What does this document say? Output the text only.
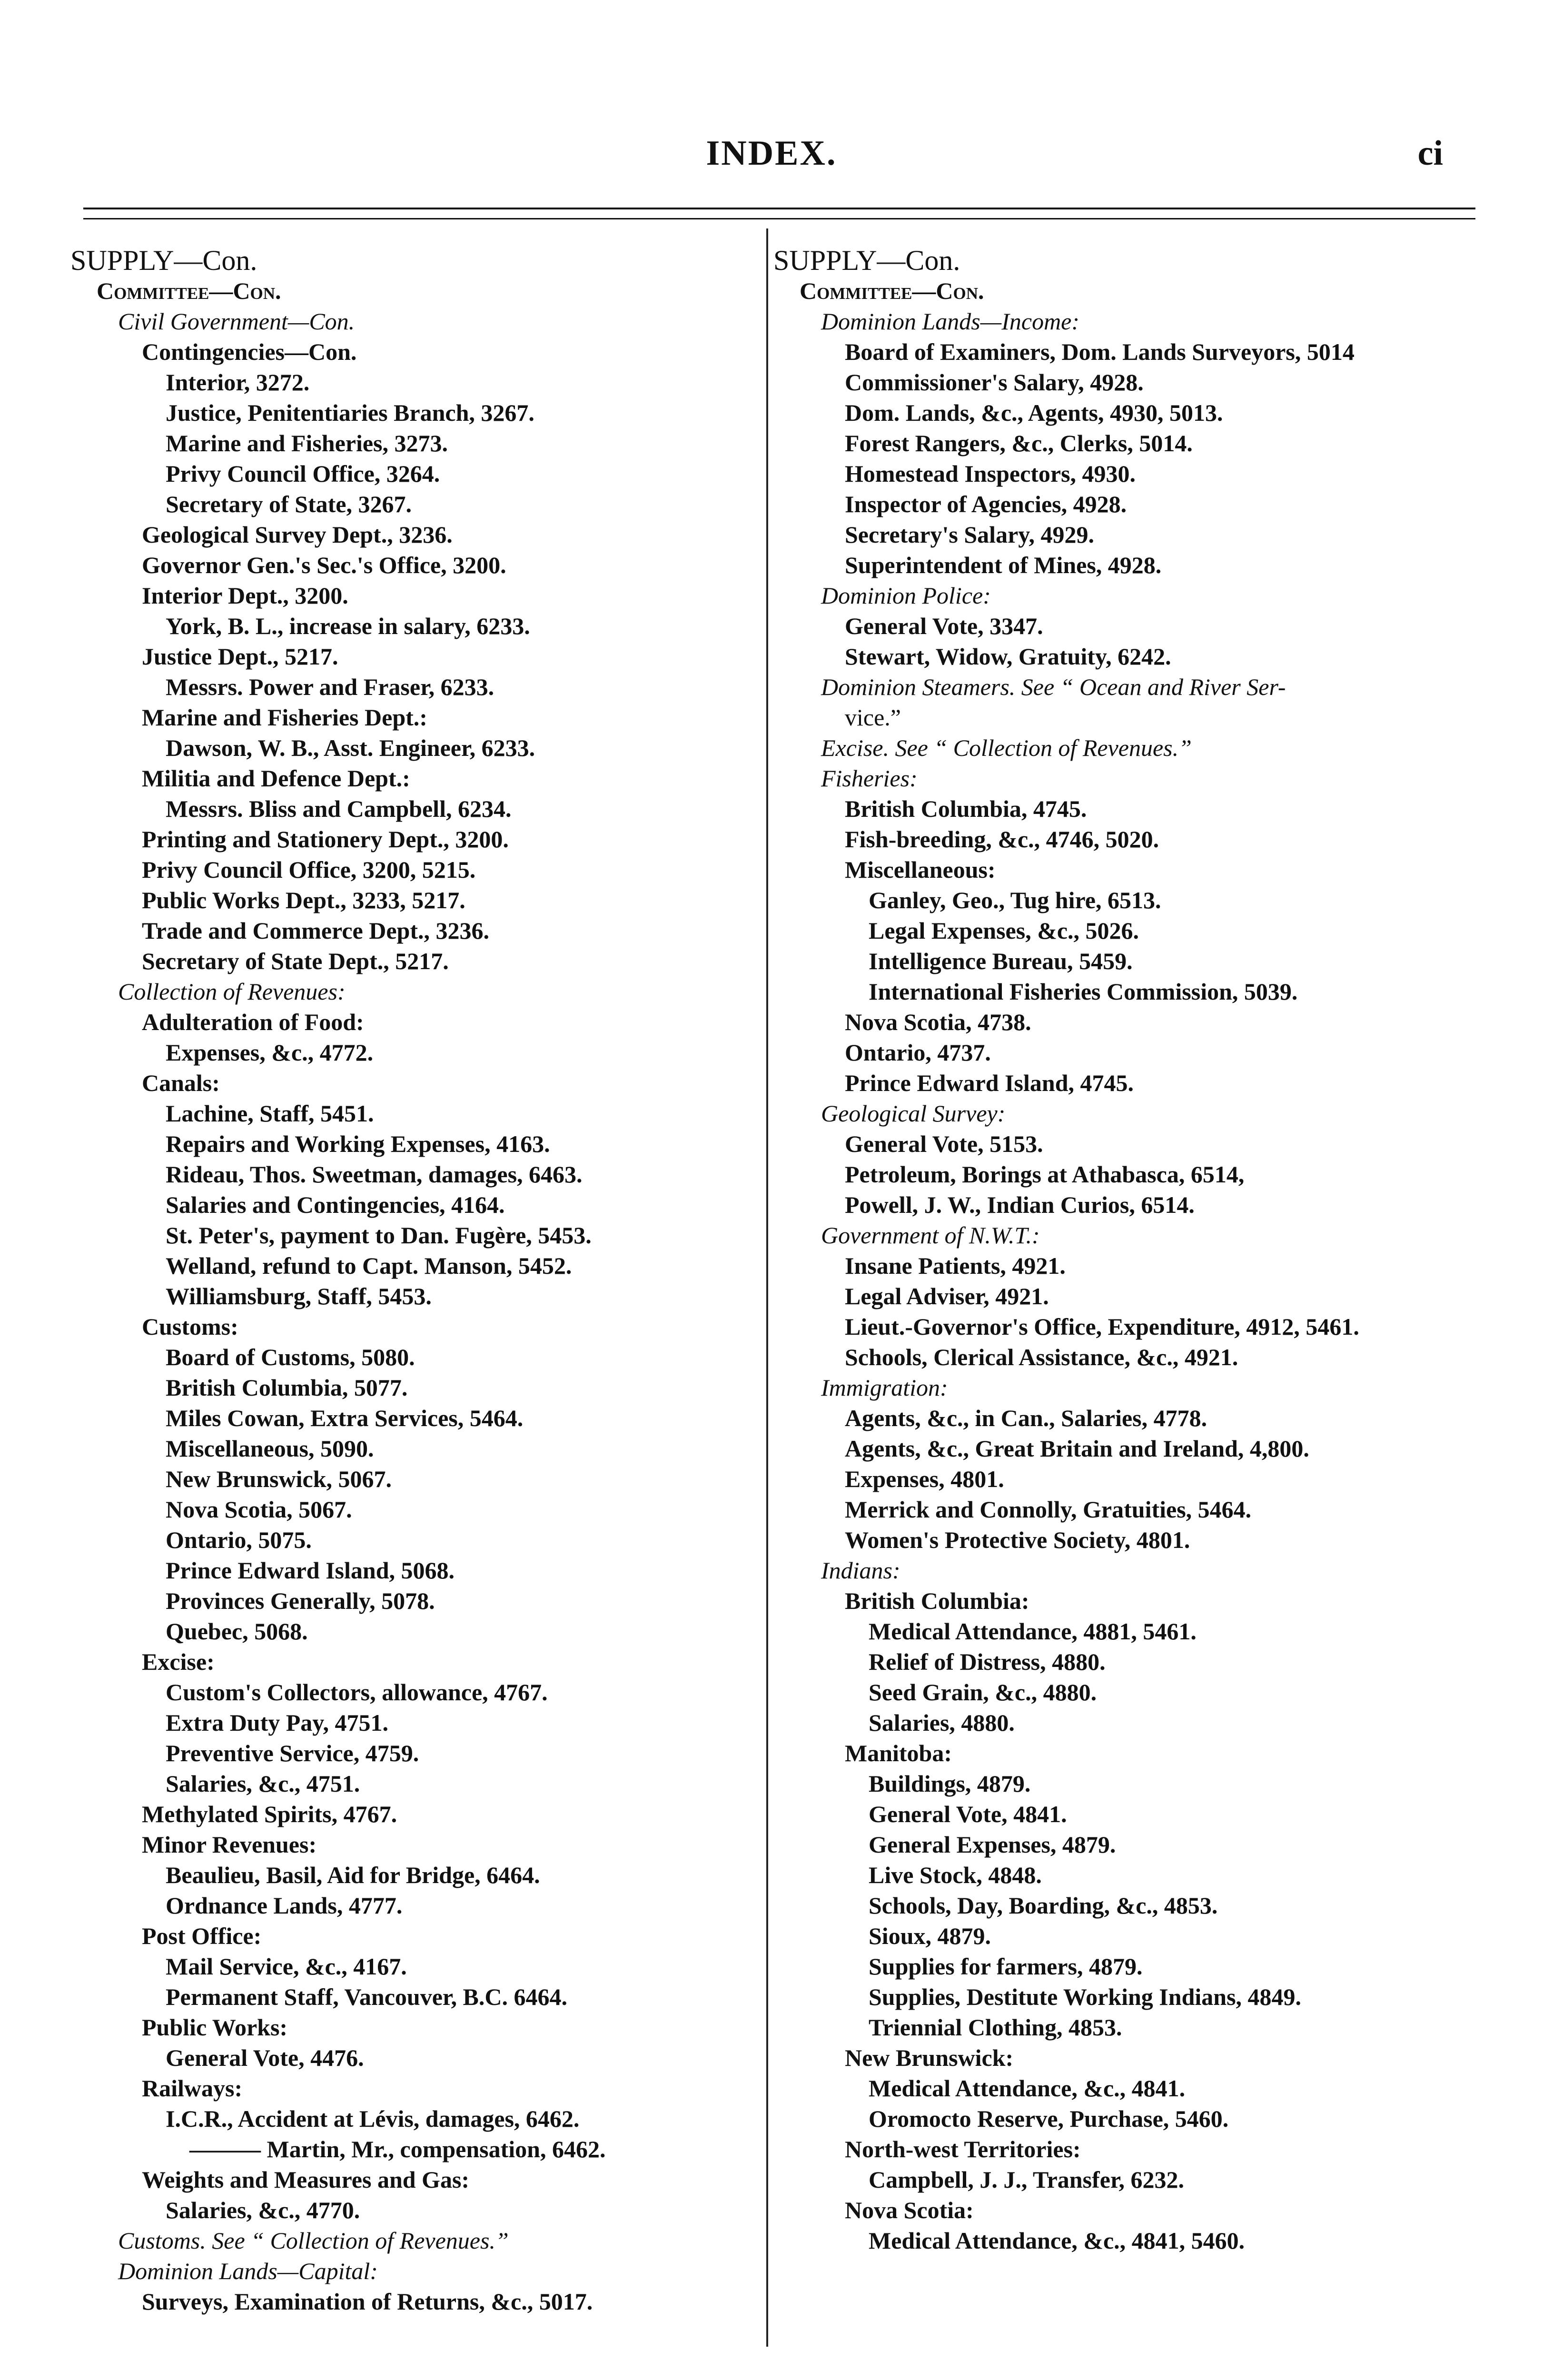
INDEX.	ci
SUPPLY—Con.
Committee—Con.
Civil Government—Con.
Contingencies—Con.
Interior, 3272.
Justice, Penitentiaries Branch, 3267.
Marine and Fisheries, 3273.
Privy Council Office, 3264.
Secretary of State, 3267.
Geological Survey Dept., 3236.
Governor Gen.'s Sec.'s Office, 3200.
Interior Dept., 3200.
York, B. L., increase in salary, 6233.
Justice Dept., 5217.
Messrs. Power and Fraser, 6233.
Marine and Fisheries Dept.:
Dawson, W. B., Asst. Engineer, 6233.
Militia and Defence Dept.:
Messrs. Bliss and Campbell, 6234.
Printing and Stationery Dept., 3200.
Privy Council Office, 3200, 5215.
Public Works Dept., 3233, 5217.
Trade and Commerce Dept., 3236.
Secretary of State Dept., 5217.
Collection of Revenues:
Adulteration of Food:
Expenses, &c., 4772.
Canals:
Lachine, Staff, 5451.
Repairs and Working Expenses, 4163.
Rideau, Thos. Sweetman, damages, 6463.
Salaries and Contingencies, 4164.
St. Peter's, payment to Dan. Fugère, 5453.
Welland, refund to Capt. Manson, 5452.
Williamsburg, Staff, 5453.
Customs:
Board of Customs, 5080.
British Columbia, 5077.
Miles Cowan, Extra Services, 5464.
Miscellaneous, 5090.
New Brunswick, 5067.
Nova Scotia, 5067.
Ontario, 5075.
Prince Edward Island, 5068.
Provinces Generally, 5078.
Quebec, 5068.
Excise:
Custom's Collectors, allowance, 4767.
Extra Duty Pay, 4751.
Preventive Service, 4759.
Salaries, &c., 4751.
Methylated Spirits, 4767.
Minor Revenues:
Beaulieu, Basil, Aid for Bridge, 6464.
Ordnance Lands, 4777.
Post Office:
Mail Service, &c., 4167.
Permanent Staff, Vancouver, B.C. 6464.
Public Works:
General Vote, 4476.
Railways:
I.C.R., Accident at Lévis, damages, 6462.
——— Martin, Mr., compensation, 6462.
Weights and Measures and Gas:
Salaries, &c., 4770.
Customs. See “ Collection of Revenues.”
Dominion Lands—Capital:
Surveys, Examination of Returns, &c., 5017.
SUPPLY—Con.
Committee—Con.
Dominion Lands—Income:
Board of Examiners, Dom. Lands Surveyors, 5014
Commissioner's Salary, 4928.
Dom. Lands, &c., Agents, 4930, 5013.
Forest Rangers, &c., Clerks, 5014.
Homestead Inspectors, 4930.
Inspector of Agencies, 4928.
Secretary's Salary, 4929.
Superintendent of Mines, 4928.
Dominion Police:
General Vote, 3347.
Stewart, Widow, Gratuity, 6242.
Dominion Steamers. See “ Ocean and River Ser-
vice.”
Excise. See “ Collection of Revenues.”
Fisheries:
British Columbia, 4745.
Fish-breeding, &c., 4746, 5020.
Miscellaneous:
Ganley, Geo., Tug hire, 6513.
Legal Expenses, &c., 5026.
Intelligence Bureau, 5459.
International Fisheries Commission, 5039.
Nova Scotia, 4738.
Ontario, 4737.
Prince Edward Island, 4745.
Geological Survey:
General Vote, 5153.
Petroleum, Borings at Athabasca, 6514,
Powell, J. W., Indian Curios, 6514.
Government of N.W.T.:
Insane Patients, 4921.
Legal Adviser, 4921.
Lieut.-Governor's Office, Expenditure, 4912, 5461.
Schools, Clerical Assistance, &c., 4921.
Immigration:
Agents, &c., in Can., Salaries, 4778.
Agents, &c., Great Britain and Ireland, 4,800.
Expenses, 4801.
Merrick and Connolly, Gratuities, 5464.
Women's Protective Society, 4801.
Indians:
British Columbia:
Medical Attendance, 4881, 5461.
Relief of Distress, 4880.
Seed Grain, &c., 4880.
Salaries, 4880.
Manitoba:
Buildings, 4879.
General Vote, 4841.
General Expenses, 4879.
Live Stock, 4848.
Schools, Day, Boarding, &c., 4853.
Sioux, 4879.
Supplies for farmers, 4879.
Supplies, Destitute Working Indians, 4849.
Triennial Clothing, 4853.
New Brunswick:
Medical Attendance, &c., 4841.
Oromocto Reserve, Purchase, 5460.
North-west Territories:
Campbell, J. J., Transfer, 6232.
Nova Scotia:
Medical Attendance, &c., 4841, 5460.
